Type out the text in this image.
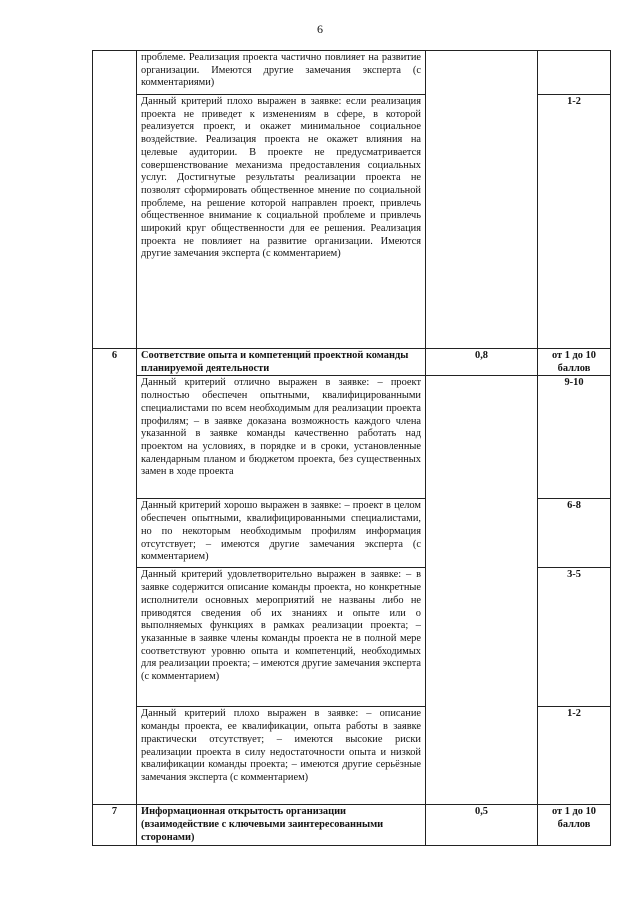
6
	проблеме. Реализация проекта частично повлияет на развитие организации. Имеются другие замечания эксперта (с комментариями)		
	Данный критерий плохо выражен в заявке: если реализация проекта не приведет к изменениям в сфере, в которой реализуется проект, и окажет минимальное социальное воздействие. Реализация проекта не окажет влияния на целевые аудитории. В проекте не предусматривается совершенствование механизма предоставления социальных услуг. Достигнутые результаты реализации проекта не позволят сформировать общественное мнение по социальной проблеме, на решение которой направлен проект, привлечь общественное внимание к социальной проблеме и привлечь широкий круг общественности для ее решения. Реализация проекта не повлияет на развитие организации. Имеются другие замечания эксперта (с комментарием)		1-2
6	Соответствие опыта и компетенций проектной команды планируемой деятельности	0,8	от 1 до 10 баллов
	Данный критерий отлично выражен в заявке: – проект полностью обеспечен опытными, квалифицированными специалистами по всем необходимым для реализации проекта профилям; – в заявке доказана возможность каждого члена указанной в заявке команды качественно работать над проектом на условиях, в порядке и в сроки, установленные календарным планом и бюджетом проекта, без существенных замен в ходе проекта		9-10
	Данный критерий хорошо выражен в заявке: – проект в целом обеспечен опытными, квалифицированными специалистами, но по некоторым необходимым профилям информация отсутствует; – имеются другие замечания эксперта (с комментарием)		6-8
	Данный критерий удовлетворительно выражен в заявке: – в заявке содержится описание команды проекта, но конкретные исполнители основных мероприятий не названы либо не приводятся сведения об их знаниях и опыте или о выполняемых функциях в рамках реализации проекта; – указанные в заявке члены команды проекта не в полной мере соответствуют уровню опыта и компетенций, необходимых для реализации проекта; – имеются другие замечания эксперта (с комментарием)		3-5
	Данный критерий плохо выражен в заявке: – описание команды проекта, ее квалификации, опыта работы в заявке практически отсутствует; – имеются высокие риски реализации проекта в силу недостаточности опыта и низкой квалификации команды проекта; – имеются другие серьёзные замечания эксперта (с комментарием)		1-2
7	Информационная открытость организации (взаимодействие с ключевыми заинтересованными сторонами)	0,5	от 1 до 10 баллов
